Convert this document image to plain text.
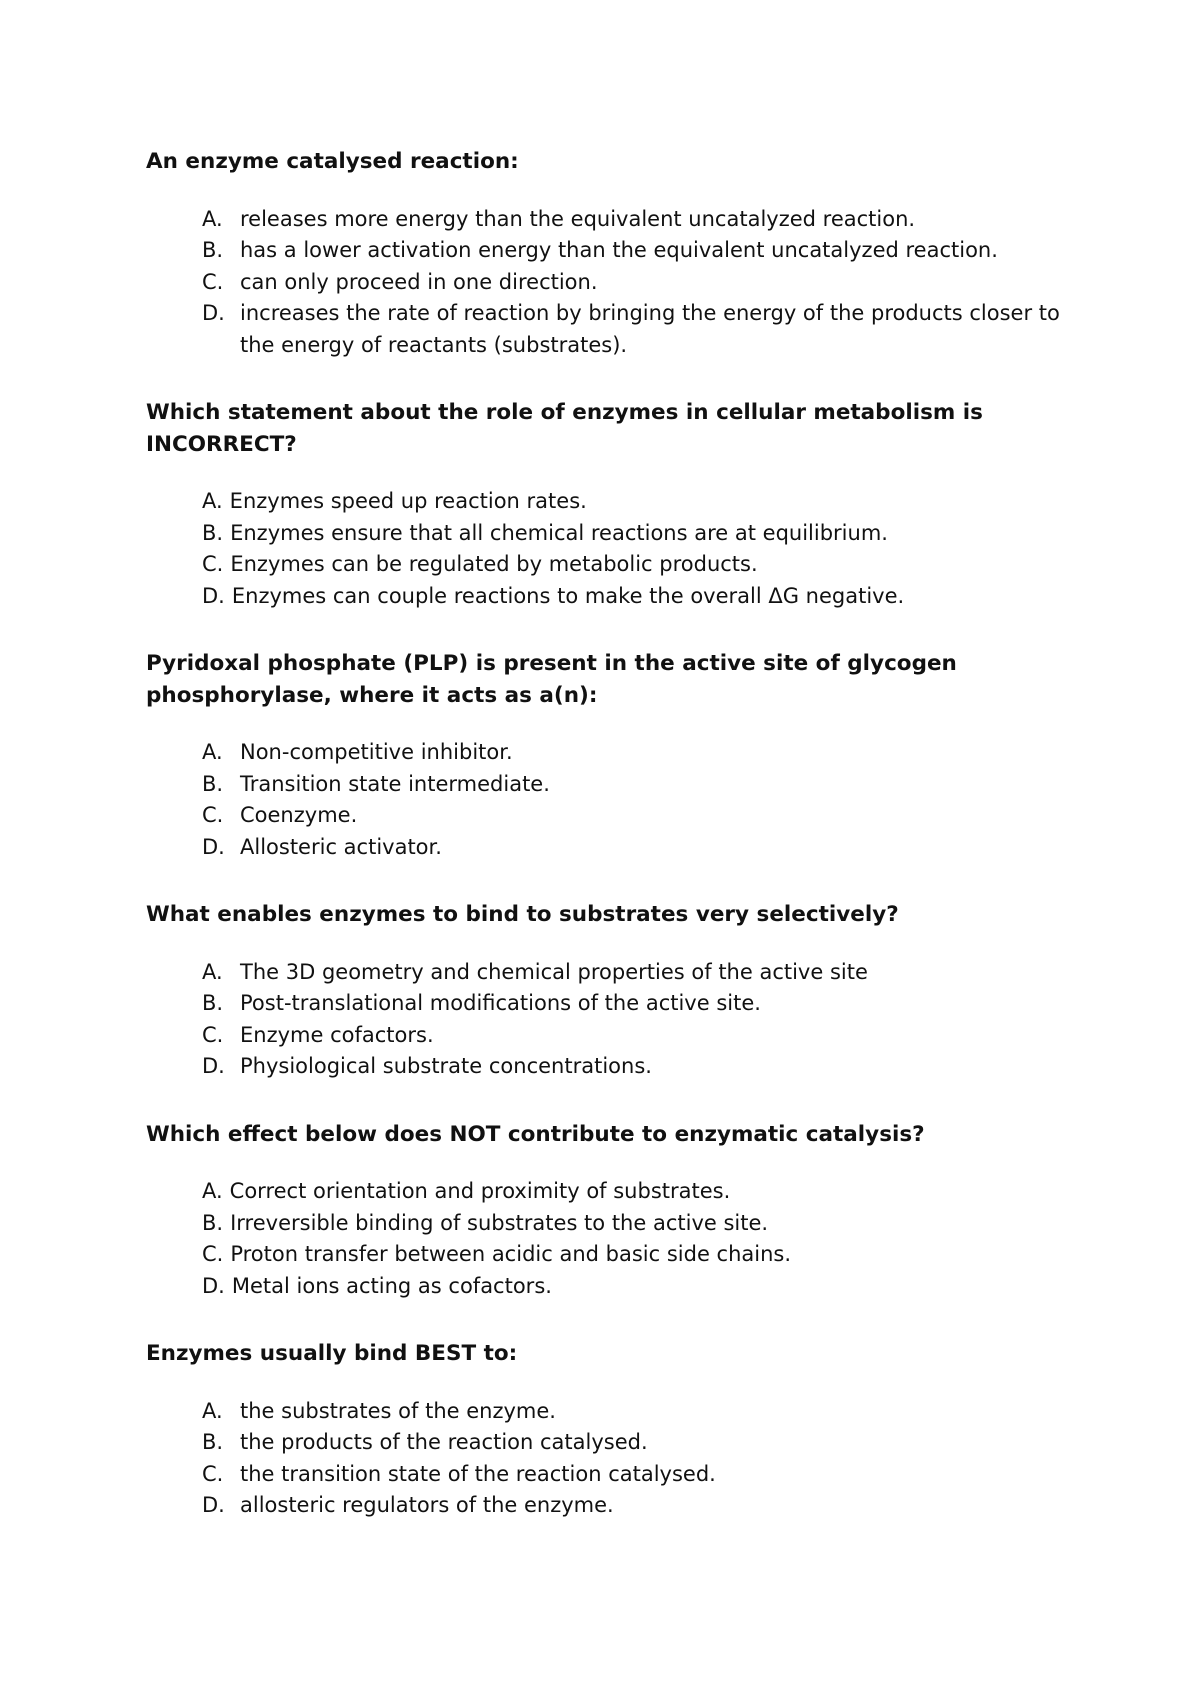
An enzyme catalysed reaction:
A. releases more energy than the equivalent uncatalyzed reaction.
B. has a lower activation energy than the equivalent uncatalyzed reaction.
C. can only proceed in one direction.
D. increases the rate of reaction by bringing the energy of the products closer to the energy of reactants (substrates).
Which statement about the role of enzymes in cellular metabolism is INCORRECT?
A. Enzymes speed up reaction rates.
B. Enzymes ensure that all chemical reactions are at equilibrium.
C. Enzymes can be regulated by metabolic products.
D. Enzymes can couple reactions to make the overall ΔG negative.
Pyridoxal phosphate (PLP) is present in the active site of glycogen phosphorylase, where it acts as a(n):
A. Non-competitive inhibitor.
B. Transition state intermediate.
C. Coenzyme.
D. Allosteric activator.
What enables enzymes to bind to substrates very selectively?
A. The 3D geometry and chemical properties of the active site
B. Post-translational modifications of the active site.
C. Enzyme cofactors.
D. Physiological substrate concentrations.
Which effect below does NOT contribute to enzymatic catalysis?
A. Correct orientation and proximity of substrates.
B. Irreversible binding of substrates to the active site.
C. Proton transfer between acidic and basic side chains.
D. Metal ions acting as cofactors.
Enzymes usually bind BEST to:
A. the substrates of the enzyme.
B. the products of the reaction catalysed.
C. the transition state of the reaction catalysed.
D. allosteric regulators of the enzyme.
